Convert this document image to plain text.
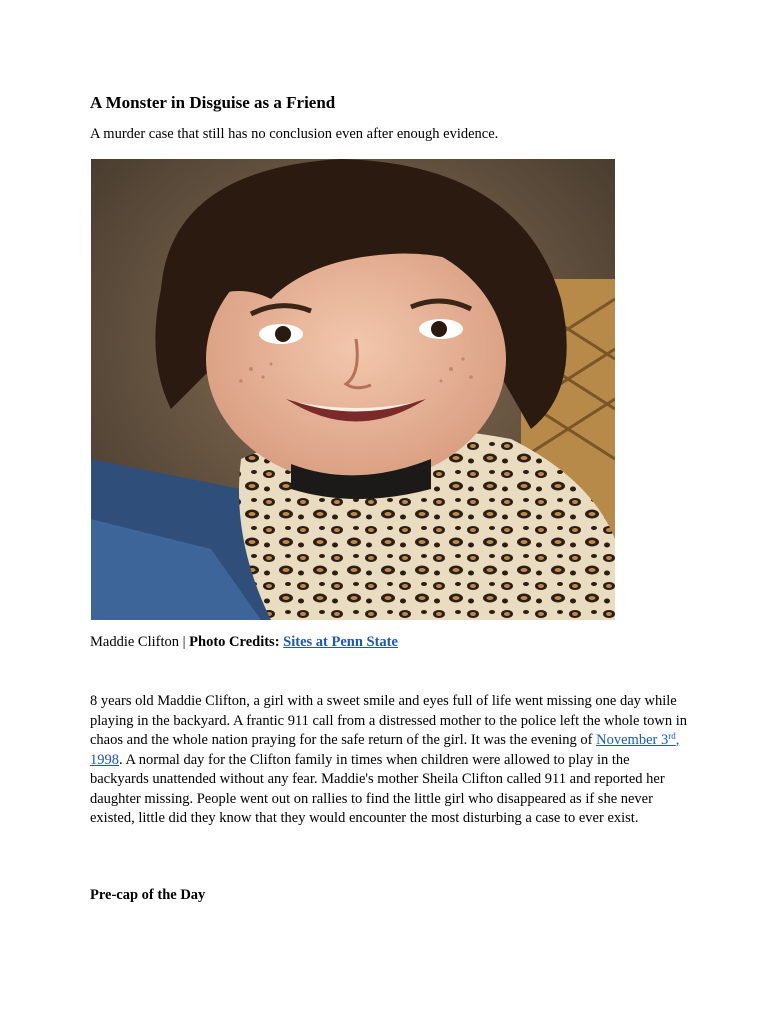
A Monster in Disguise as a Friend

A murder case that still has no conclusion even after enough evidence.

Maddie Clifton | Photo Credits: Sites at Penn State

8 years old Maddie Clifton, a girl with a sweet smile and eyes full of life went missing one day while playing in the backyard. A frantic 911 call from a distressed mother to the police left the whole town in chaos and the whole nation praying for the safe return of the girl. It was the evening of November 3rd, 1998. A normal day for the Clifton family in times when children were allowed to play in the backyards unattended without any fear. Maddie's mother Sheila Clifton called 911 and reported her daughter missing. People went out on rallies to find the little girl who disappeared as if she never existed, little did they know that they would encounter the most disturbing a case to ever exist.

Pre-cap of the Day
